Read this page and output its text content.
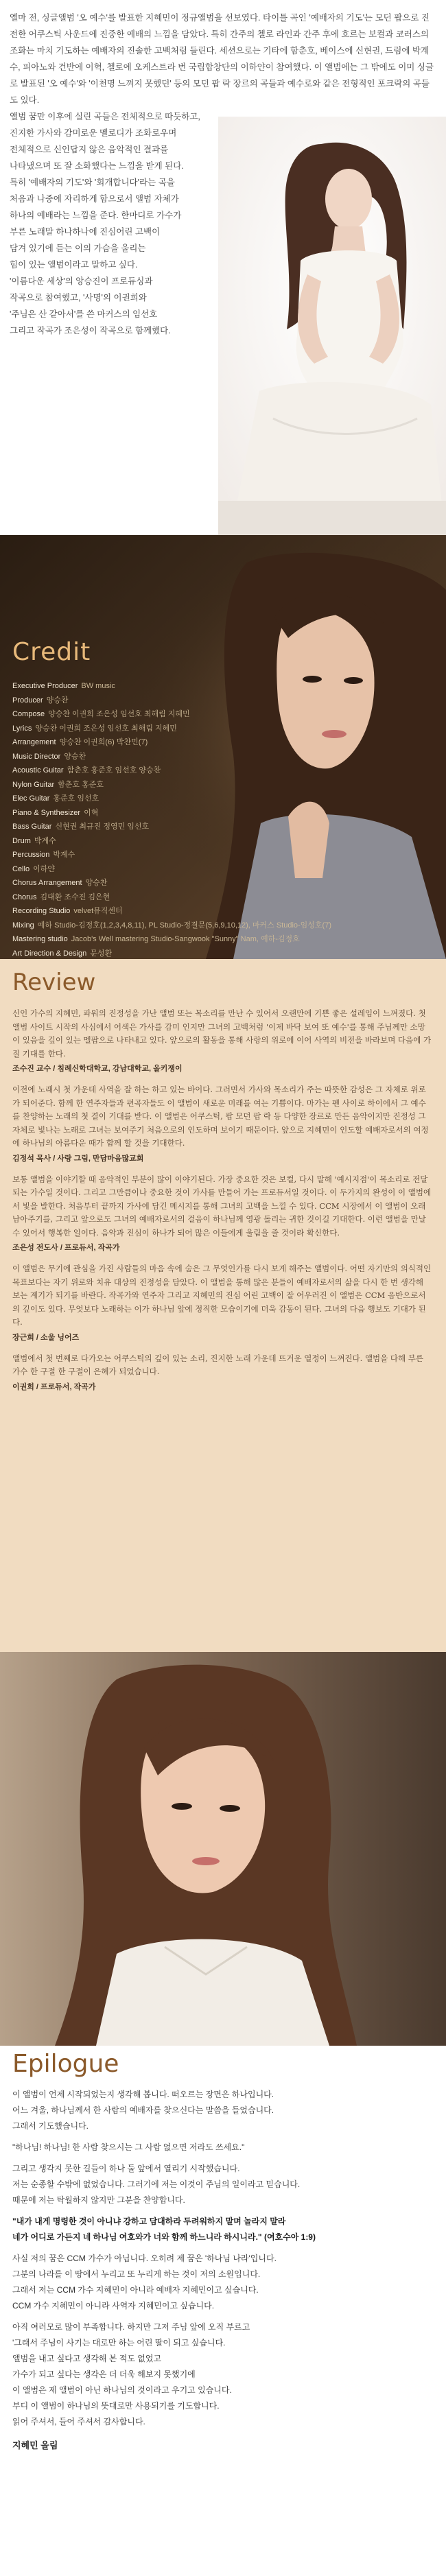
엘마 전, 싱글앨범 '오 예수'를 발표한 지혜민이 정규앨범을 선보였다. 타이틀 곡인 '예배자의 기도'는 모던 팝으로 진전한 어쿠스틱 사운드에 진중한 예배의 느낌을 담았다. 특히 간주의 첼로 라인과 간주 후에 흐르는 보컬과 코러스의 조화는 마치 기도하는 예배자의 진솔한 고백처럼 들린다. 세션으로는 기타에 함춘호, 베이스에 신현권, 드럼에 박계수, 피아노와 건반에 이혁, 첼로에 오케스트라 번 국립합창단의 이하얀이 참여했다. 이 앨범에는 그 밖에도 이미 싱글로 발표된 '오 예수'와 '이천명 느껴지 못했던' 등의 모던 팝 락 장르의 곡들과 예수로와 같은 전형적인 포크락의 곡들도 있다.
앨범 꿈만 이후에 실린 곡들은 전체적으로 따듯하고,
진지한 가사와 감미로운 멜로디가 조화로우며
전체적으로 신인답지 않은 음악적인 결과를
나타냈으며 또 잘 소화했다는 느낌을 받게 된다.
특히 '예배자의 기도'와 '회개합니다'라는 곡을
처음과 나중에 자리하게 함으로서 앨범 자체가
하나의 예배라는 느낌을 준다. 한마디로 가수가
부른 노래말 하나하나에 진심어린 고백이
담겨 있기에 듣는 이의 가슴을 울리는
힘이 있는 앨범이라고 말하고 싶다.
'이름다운 세상'의 앙승진이 프로듀싱과
작곡으로 참여했고, '사명'의 이권희와
'주님은 산 같아서'를 쓴 마커스의 임선호
그리고 작곡가 조은성이 작곡으로 함께했다.
Credit
Executive Producer BW music
Producer 양승찬
Compose 양승찬 이권희 조은성 임선호 최해림 지혜민
Lyrics 양승찬 이권희 조은성 임선호 최해림 지혜민
Arrangement 양승찬 이권희(6) 박찬민(7)
Music Director 양승찬
Acoustic Guitar 함춘호 홍준호 임선호 양승찬
Nylon Guitar 함춘호 홍준호
Elec Guitar 홍준호 임선호
Piano & Synthesizer 이혁
Bass Guitar 신현권 최규진 정영민 임선호
Drum 박계수
Percussion 박계수
Cello 이하얀
Chorus Arrangement 양승찬
Chorus 김대환 조수진 김은현
Recording Studio velvet뮤직센터
Mixing 예하 Studio-김정호(1,2,3,4,8,11), PL Studio-정결문(5,6,9,10,12), 마커스 Studio-임성호(7)
Mastering studio Jacob's Well mastering Studio-Sangwook "Sunny" Nam, 예하-김정호
Art Direction & Design 문성환
Review

신인 가수의 지혜민, 파워의 진정성을 가난 앨범 또는 목소리를 만난 수 있어서 오랜만에 기쁜 좋은 설레임이 느껴졌다. 첫 앨범 사이트 시작의 사심에서 어색은 가사를 감미 인지만 그녀의 고백처럼 '이제 바닥 보여 또 예수'를 통해 주님께만 소망이 있음을 깊이 있는 멜팝으로 나타내고 있다. 앞으로의 활동을 통해 사랑의 위로에 이어 사역의 비전을 바라보며 다음에 가질 기대를 한다.

조수진 교수 / 침례신학대학교, 강남대학교, 올키쟁이

이전에 노래시 첫 가운데 사역을 잘 하는 하고 있는 바이다. 그러면서 가사와 목소리가 주는 따뜻한 감성은 그 자체로 위로가 되어준다. 함께 한 연주자들과 편곡자들도 이 앨범이 새로운 미래를 여는 기쁨이다. 마가는 펜 사이로 하이에서 그 예수를 찬양하는 노래의 첫 결이 기대를 받다. 이 앨범은 어쿠스틱, 팝 모던 팝 락 등 다양한 장르로 만든 음악이지만 진정성 그 자체로 빛나는 노래로 그녀는 보여주기 처음으로의 인도하며 보이기 때문이다. 앞으로 지혜민이 인도할 예배자로서의 여정에 하나님의 아름다운 때가 함께 할 것을 기대한다.

김정석 목사 / 사랑 그림, 만담마음많교회

보통 앨범을 이야기할 때 음악적인 부분이 많이 이야기된다. 가장 중요한 것은 보컬, 다시 말해 '예시지점'이 목소리로 전달되는 가수일 것이다. 그리고 그만큼이나 중요한 것이 가사를 만들어 가는 프로듀서일 것이다. 이 두가지의 완성이 이 앨범에서 빛을 발한다. 처음부터 끝까지 가사에 담긴 메시지를 통해 그녀의 고백을 느낄 수 있다. CCM 시장에서 이 앨범이 오래 남아주기를, 그리고 앞으로도 그녀의 예배자로서의 걸음이 하나님께 영광 돌리는 귀한 것이길 기대한다. 이런 앨범을 만날 수 있어서 행복한 일이다. 음악과 진심이 하나가 되어 많은 이들에게 울림을 줄 것이라 확신한다.

조은성 전도사 / 프로듀서, 작곡가

이 앨범은 무기에 관심을 가진 사람들의 마음 속에 숨은 그 무엇인가를 다시 보게 해주는 앨범이다. 어떤 자기만의 의식적인 목표보다는 자기 위로와 치유 대상의 진정성을 담았다. 이 앨범을 통해 많은 분들이 예배자로서의 삶을 다시 한 번 생각해 보는 계기가 되기를 바란다. 작곡가와 연주자 그리고 지혜민의 진심 어린 고백이 잘 어우러진 이 앨범은 CCM 음반으로서의 깊이도 있다. 무엇보다 노래하는 이가 하나님 앞에 정직한 모습이기에 더욱 감동이 된다. 그녀의 다음 행보도 기대가 된다.

장근희 / 소울 닝어즈

앨범에서 첫 번째로 다가오는 어쿠스틱의 깊이 있는 소리, 진지한 노래 가운데 뜨거운 열정이 느껴진다. 앨범을 다해 부른 가수 한 구절 한 구절이 은혜가 되었습니다.

이권희 / 프로듀서, 작곡가

Epilogue

이 앨범이 언제 시작되었는지 생각해 봅니다. 떠오르는 장면은 하나입니다.
어느 겨울, 하나님께서 한 사람의 예배자를 찾으신다는 말씀을 들었습니다.
그래서 기도했습니다.

"하나님! 하나님! 한 사람 찾으시는 그 사람 없으면 저라도 쓰세요."

그리고 생각지 못한 길들이 하나 둘 앞에서 열리기 시작했습니다.
저는 순종할 수밖에 없었습니다. 그러기에 저는 이것이 주님의 일이라고 믿습니다.
때문에 저는 탁월하지 않지만 그분을 찬양합니다.

"내가 내게 명령한 것이 아니냐 강하고 담대하라 두려워하지 말며 놀라지 말라
네가 어디로 가든지 네 하나님 여호와가 너와 함께 하느니라 하시니라." (여호수아 1:9)

사실 저의 꿈은 CCM 가수가 아닙니다. 오히려 제 꿈은 '하나님 나라'입니다.
그분의 나라를 이 땅에서 누리고 또 누리게 하는 것이 저의 소원입니다.
그래서 저는 CCM 가수 지혜민이 아니라 예배자 지혜민이고 싶습니다.
CCM 가수 지혜민이 아니라 사역자 지혜민이고 싶습니다.

아직 여러모로 많이 부족합니다. 하지만 그저 주님 앞에 오직 부르고
'그래서 주님이 사기는 대로만 하는 어린 딸이 되고 싶습니다.
앨범을 내고 싶다고 생각해 본 적도 없었고
가수가 되고 싶다는 생각은 더 더욱 해보지 못했기에
이 앨범은 제 앨범이 아닌 하나님의 것이라고 우기고 있습니다.
부디 이 앨범이 하나님의 뜻대로만 사용되기를 기도합니다.
읽어 주셔서, 들어 주셔서 감사합니다.

지혜민 올림
